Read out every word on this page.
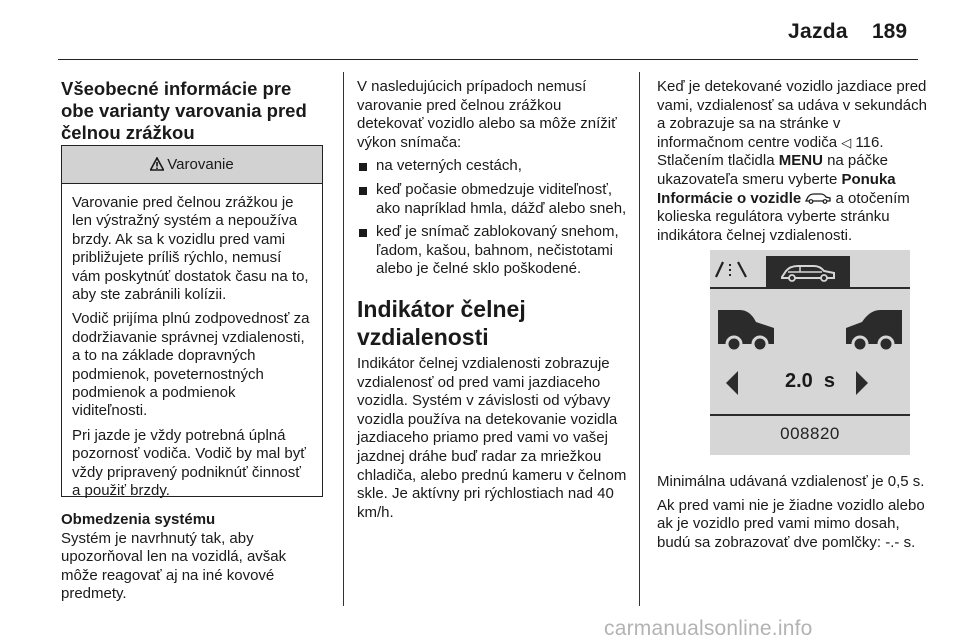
Jazda 189
Všeobecné informácie pre obe varianty varovania pred čelnou zrážkou
Varovanie

Varovanie pred čelnou zrážkou je len výstražný systém a nepoužíva brzdy. Ak sa k vozidlu pred vami približujete príliš rýchlo, nemusí vám poskytnúť dostatok času na to, aby ste zabránili kolízii.

Vodič prijíma plnú zodpovednosť za dodržiavanie správnej vzdialenosti, a to na základe dopravných podmienok, poveternostných podmienok a podmienok viditeľnosti.

Pri jazde je vždy potrebná úplná pozornosť vodiča. Vodič by mal byť vždy pripravený podniknúť činnosť a použiť brzdy.

Obmedzenia systému
Systém je navrhnutý tak, aby upozorňoval len na vozidlá, avšak môže reagovať aj na iné kovové predmety.
V nasledujúcich prípadoch nemusí varovanie pred čelnou zrážkou detekovať vozidlo alebo sa môže znížiť výkon snímača:
na veterných cestách,
keď počasie obmedzuje viditeľnosť, ako napríklad hmla, dážď alebo sneh,
keď je snímač zablokovaný snehom, ľadom, kašou, bahnom, nečistotami alebo je čelné sklo poškodené.
Indikátor čelnej vzdialenosti
Indikátor čelnej vzdialenosti zobrazuje vzdialenosť od pred vami jazdiaceho vozidla. Systém v závislosti od výbavy vozidla používa na detekovanie vozidla jazdiaceho priamo pred vami vo vašej jazdnej dráhe buď radar za mriežkou chladiča, alebo prednú kameru v čelnom skle. Je aktívny pri rýchlostiach nad 40 km/h.
Keď je detekované vozidlo jazdiace pred vami, vzdialenosť sa udáva v sekundách a zobrazuje sa na stránke v informačnom centre vodiča ◁ 116. Stlačením tlačidla MENU na páčke ukazovateľa smeru vyberte Ponuka Informácie o vozidle  a otočením kolieska regulátora vyberte stránku indikátora čelnej vzdialenosti.
2.0  s
008820
Minimálna udávaná vzdialenosť je 0,5 s.
Ak pred vami nie je žiadne vozidlo alebo ak je vozidlo pred vami mimo dosah, budú sa zobrazovať dve pomlčky: -.- s.
carmanualsonline.info
